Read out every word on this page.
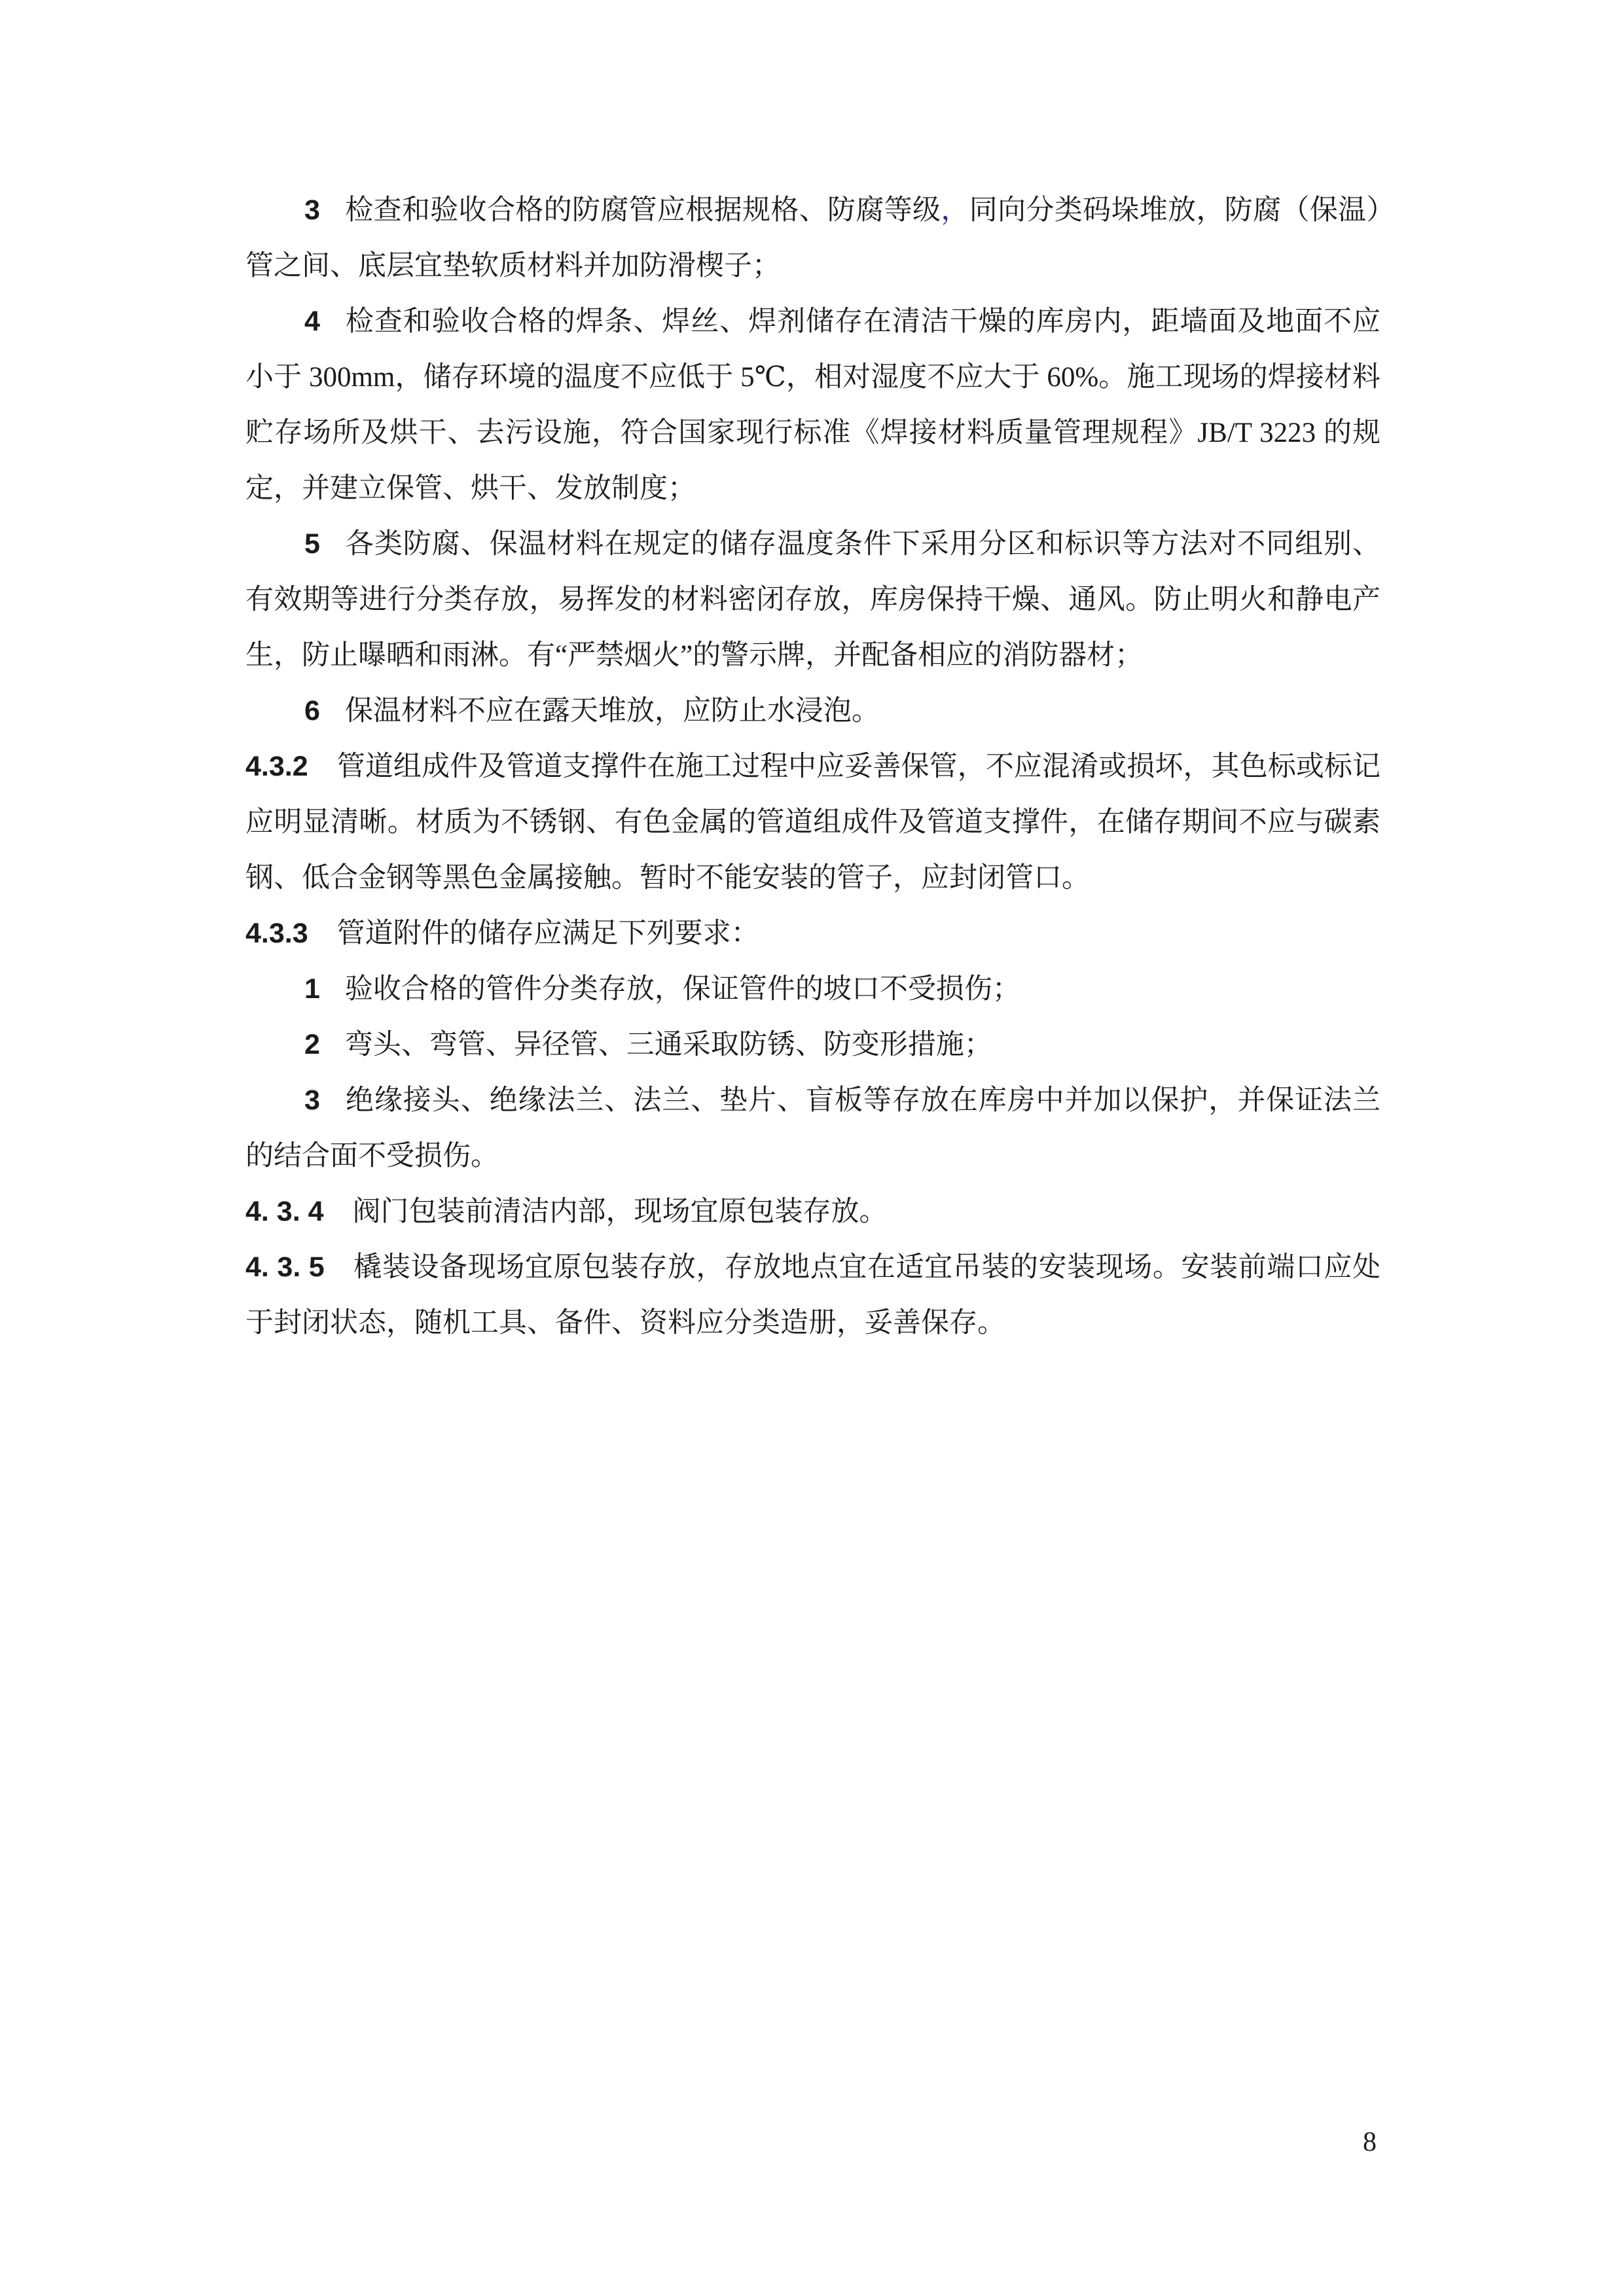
3 检查和验收合格的防腐管应根据规格、防腐等级，同向分类码垛堆放，防腐（保温）管之间、底层宜垫软质材料并加防滑楔子；

4 检查和验收合格的焊条、焊丝、焊剂储存在清洁干燥的库房内，距墙面及地面不应小于 300mm，储存环境的温度不应低于 5℃，相对湿度不应大于 60%。施工现场的焊接材料贮存场所及烘干、去污设施，符合国家现行标准《焊接材料质量管理规程》JB/T 3223 的规定，并建立保管、烘干、发放制度；

5 各类防腐、保温材料在规定的储存温度条件下采用分区和标识等方法对不同组别、有效期等进行分类存放，易挥发的材料密闭存放，库房保持干燥、通风。防止明火和静电产生，防止曝晒和雨淋。有“严禁烟火”的警示牌，并配备相应的消防器材；

6 保温材料不应在露天堆放，应防止水浸泡。

4.3.2 管道组成件及管道支撑件在施工过程中应妥善保管，不应混淆或损坏，其色标或标记应明显清晰。材质为不锈钢、有色金属的管道组成件及管道支撑件，在储存期间不应与碳素钢、低合金钢等黑色金属接触。暂时不能安装的管子，应封闭管口。

4.3.3 管道附件的储存应满足下列要求：

1 验收合格的管件分类存放，保证管件的坡口不受损伤；

2 弯头、弯管、异径管、三通采取防锈、防变形措施；

3 绝缘接头、绝缘法兰、法兰、垫片、盲板等存放在库房中并加以保护，并保证法兰的结合面不受损伤。

4. 3. 4 阀门包装前清洁内部，现场宜原包装存放。

4. 3. 5 橇装设备现场宜原包装存放，存放地点宜在适宜吊装的安装现场。安装前端口应处于封闭状态，随机工具、备件、资料应分类造册，妥善保存。

8
